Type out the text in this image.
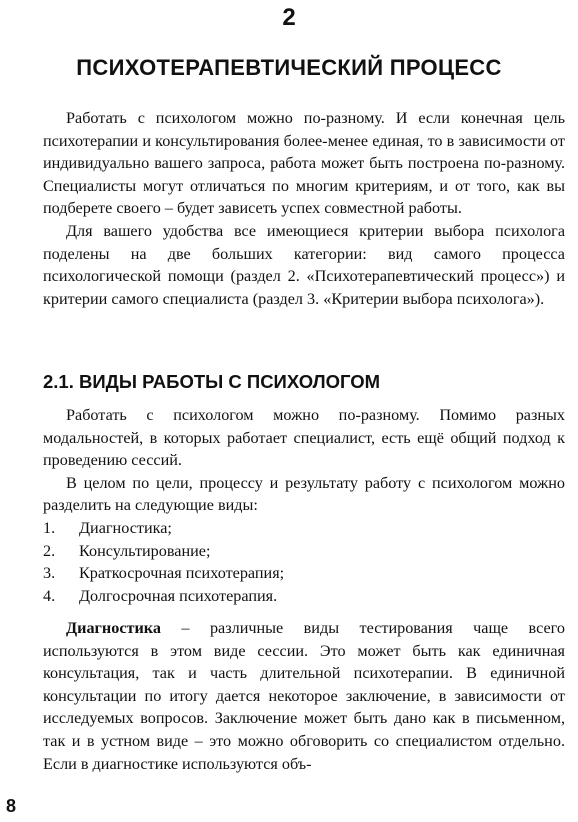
2
ПСИХОТЕРАПЕВТИЧЕСКИЙ ПРОЦЕСС

Работать с психологом можно по-разному. И если конечная цель психотерапии и консультирования более-менее единая, то в зависимости от индивидуально вашего запроса, работа может быть построена по-разному. Специалисты могут отличаться по многим критериям, и от того, как вы подберете своего – будет зависеть успех совместной работы.

Для вашего удобства все имеющиеся критерии выбора психолога поделены на две больших категории: вид самого процесса психологической помощи (раздел 2. «Психотерапевтический процесс») и критерии самого специалиста (раздел 3. «Критерии выбора психолога»).

2.1. ВИДЫ РАБОТЫ С ПСИХОЛОГОМ

Работать с психологом можно по-разному. Помимо разных модальностей, в которых работает специалист, есть ещё общий подход к проведению сессий.

В целом по цели, процессу и результату работу с психологом можно разделить на следующие виды:

1.	Диагностика;
2.	Консультирование;
3.	Краткосрочная психотерапия;
4.	Долгосрочная психотерапия.

Диагностика – различные виды тестирования чаще всего используются в этом виде сессии. Это может быть как единичная консультация, так и часть длительной психотерапии. В единичной консультации по итогу дается некоторое заключение, в зависимости от исследуемых вопросов. Заключение может быть дано как в письменном, так и в устном виде – это можно обговорить со специалистом отдельно. Если в диагностике используются объ-

8
